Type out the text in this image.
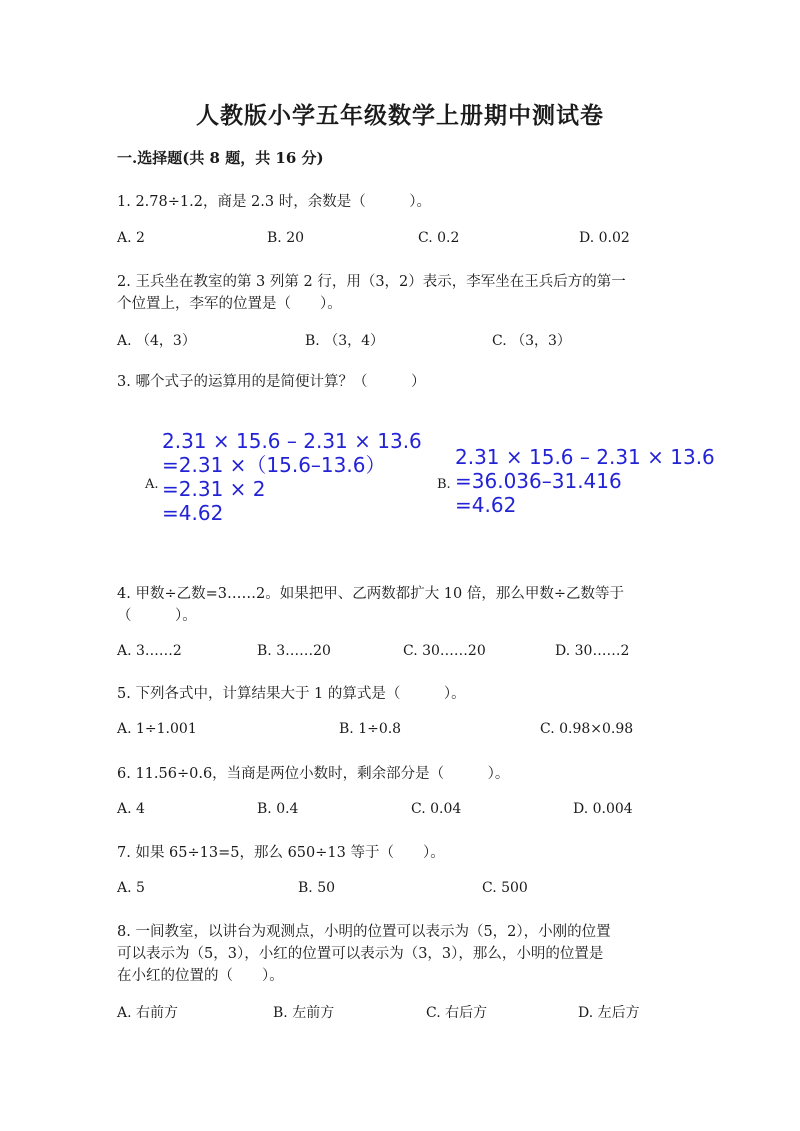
人教版小学五年级数学上册期中测试卷
一.选择题(共 8 题，共 16 分)
1. 2.78÷1.2，商是 2.3 时，余数是（　　　）。
A. 2	B. 20	C. 0.2	D. 0.02
2. 王兵坐在教室的第 3 列第 2 行，用（3，2）表示，李军坐在王兵后方的第一
个位置上，李军的位置是（　　）。
A. （4，3）	B. （3，4）	C. （3，3）
3. 哪个式子的运算用的是简便计算？（　　　）
A.
2.31 × 15.6 – 2.31 × 13.6
=2.31 ×（15.6–13.6）
=2.31 × 2
=4.62
B.
2.31 × 15.6 – 2.31 × 13.6
=36.036–31.416
=4.62
4. 甲数÷乙数=3……2。如果把甲、乙两数都扩大 10 倍，那么甲数÷乙数等于
（　　　）。
A. 3……2	B. 3……20	C. 30……20	D. 30……2
5. 下列各式中，计算结果大于 1 的算式是（　　　）。
A. 1÷1.001	B. 1÷0.8	C. 0.98×0.98
6. 11.56÷0.6，当商是两位小数时，剩余部分是（　　　）。
A. 4	B. 0.4	C. 0.04	D. 0.004
7. 如果 65÷13=5，那么 650÷13 等于（　　）。
A. 5	B. 50	C. 500
8. 一间教室，以讲台为观测点，小明的位置可以表示为（5，2），小刚的位置
可以表示为（5，3），小红的位置可以表示为（3，3），那么，小明的位置是
在小红的位置的（　　）。
A. 右前方	B. 左前方	C. 右后方	D. 左后方
